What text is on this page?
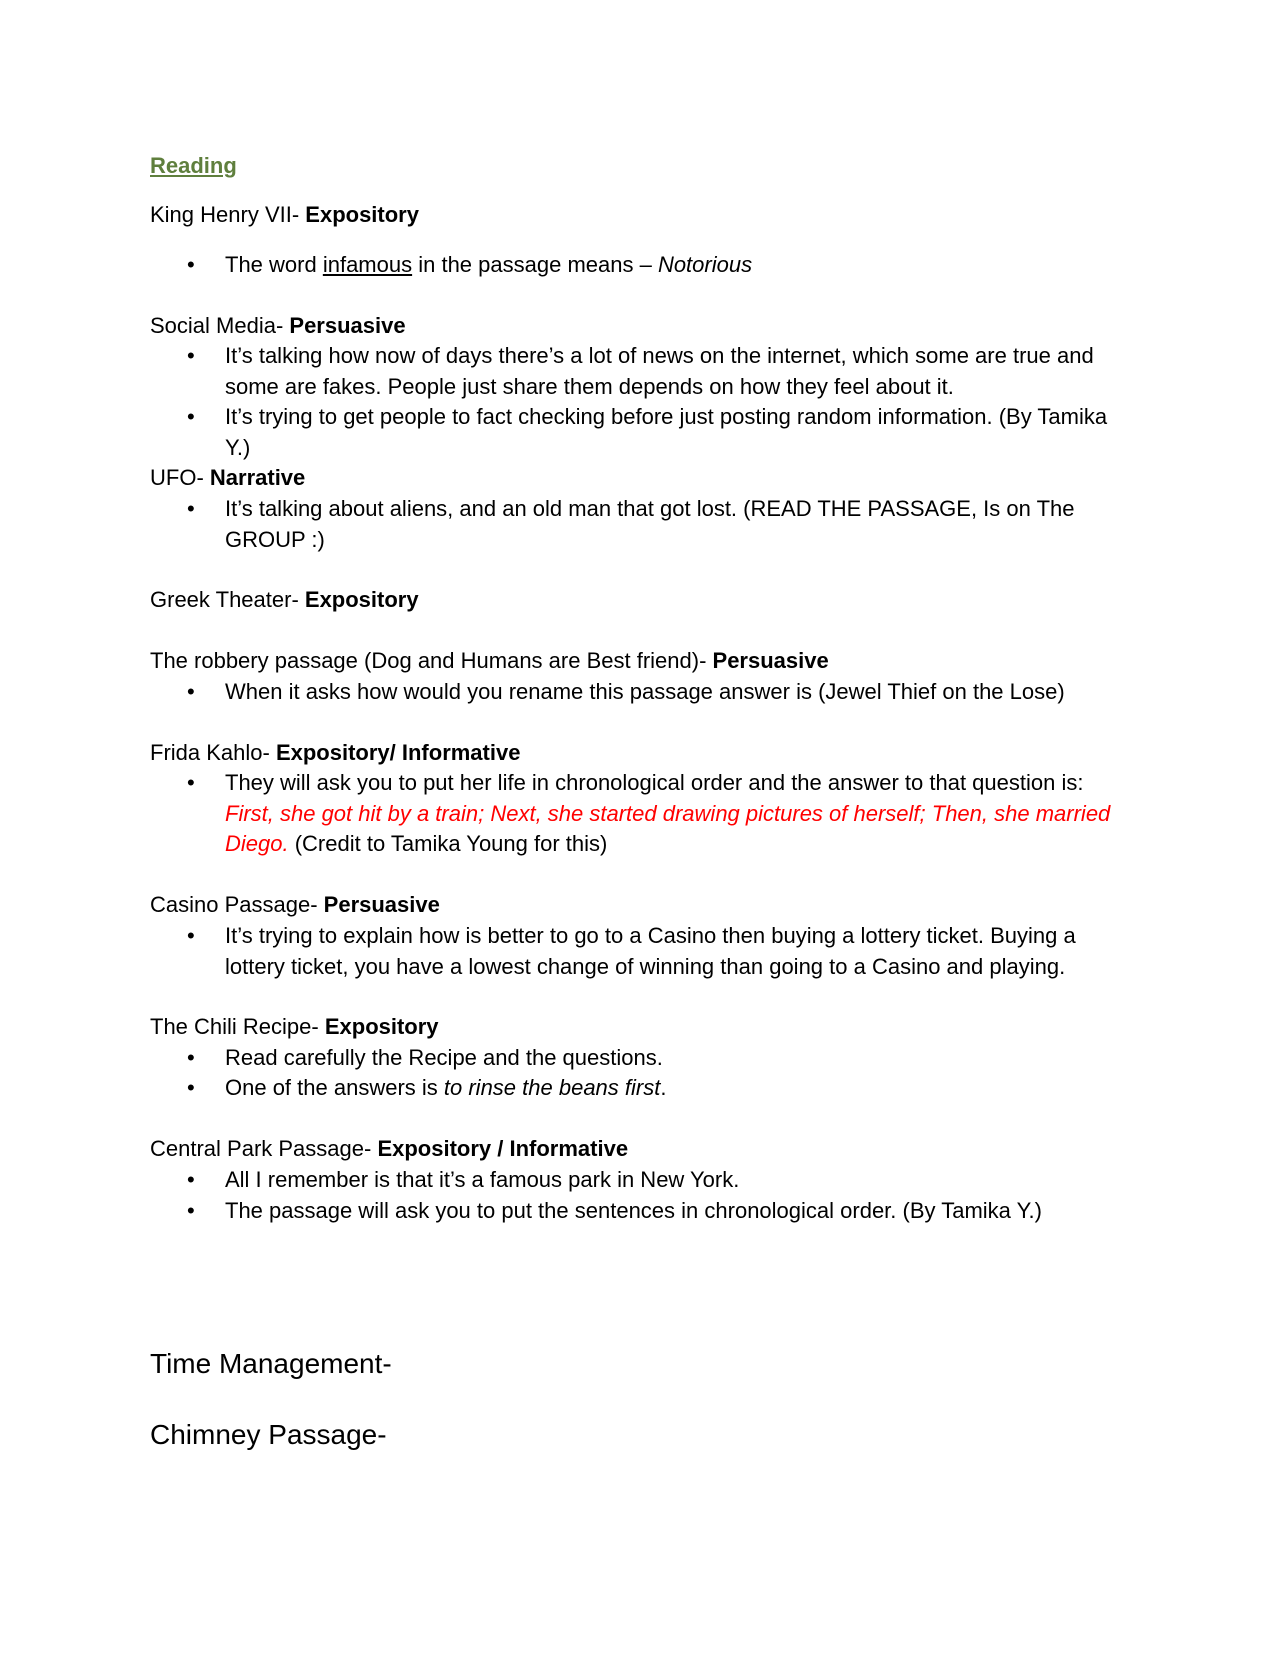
Reading
King Henry VII- Expository
• The word infamous in the passage means – Notorious
Social Media- Persuasive
• It’s talking how now of days there’s a lot of news on the internet, which some are true and some are fakes. People just share them depends on how they feel about it.
• It’s trying to get people to fact checking before just posting random information. (By Tamika Y.)
UFO- Narrative
• It’s talking about aliens, and an old man that got lost. (READ THE PASSAGE, Is on The GROUP :)
Greek Theater- Expository
The robbery passage (Dog and Humans are Best friend)- Persuasive
• When it asks how would you rename this passage answer is (Jewel Thief on the Lose)
Frida Kahlo- Expository/ Informative
• They will ask you to put her life in chronological order and the answer to that question is: First, she got hit by a train; Next, she started drawing pictures of herself; Then, she married Diego. (Credit to Tamika Young for this)
Casino Passage- Persuasive
• It’s trying to explain how is better to go to a Casino then buying a lottery ticket. Buying a lottery ticket, you have a lowest change of winning than going to a Casino and playing.
The Chili Recipe- Expository
• Read carefully the Recipe and the questions.
• One of the answers is to rinse the beans first.
Central Park Passage- Expository / Informative
• All I remember is that it’s a famous park in New York.
• The passage will ask you to put the sentences in chronological order. (By Tamika Y.)
Time Management-
Chimney Passage-
